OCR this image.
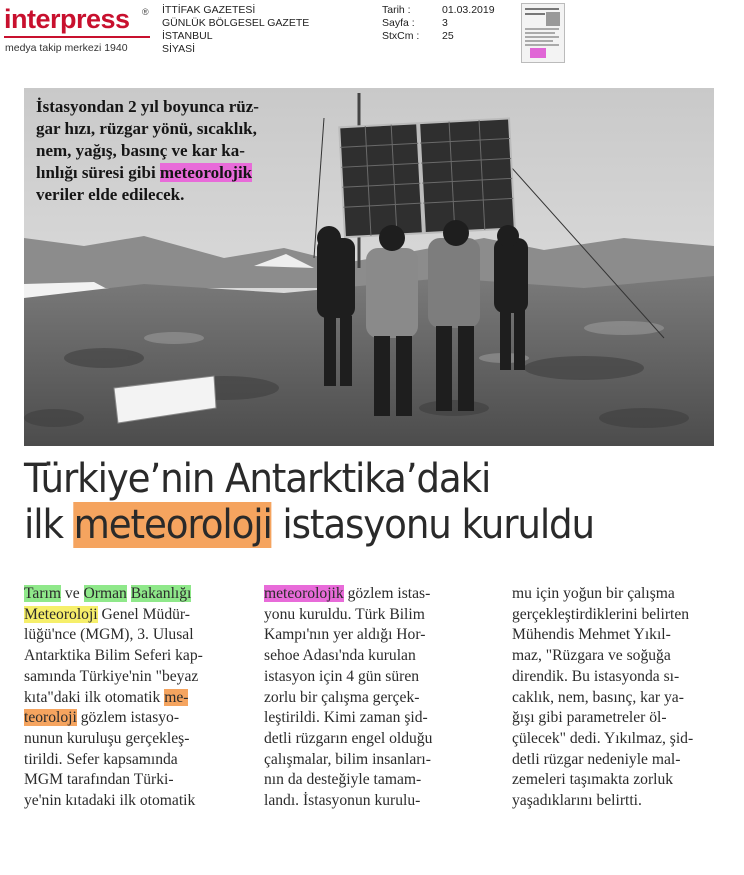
interpress ®
medya takip merkezi 1940
İTTİFAK GAZETESİ
GÜNLÜK BÖLGESEL GAZETE
İSTANBUL
SİYASİ
Tarih :	01.03.2019
Sayfa :	3
StxCm :	25
İstasyondan 2 yıl boyunca rüz-
gar hızı, rüzgar yönü, sıcaklık,
nem, yağış, basınç ve kar ka-
lınlığı süresi gibi meteorolojik
veriler elde edilecek.
Türkiye’nin Antarktika’daki
ilk meteoroloji istasyonu kuruldu
Tarım ve Orman Bakanlığı
Meteoroloji Genel Müdür-
lüğü'nce (MGM), 3. Ulusal
Antarktika Bilim Seferi kap-
samında Türkiye'nin "beyaz
kıta"daki ilk otomatik me-
teoroloji gözlem istasyo-
nunun kuruluşu gerçekleş-
tirildi. Sefer kapsamında
MGM tarafından Türki-
ye'nin kıtadaki ilk otomatik
meteorolojik gözlem istas-
yonu kuruldu. Türk Bilim
Kampı'nın yer aldığı Hor-
sehoe Adası'nda kurulan
istasyon için 4 gün süren
zorlu bir çalışma gerçek-
leştirildi. Kimi zaman şid-
detli rüzgarın engel olduğu
çalışmalar, bilim insanları-
nın da desteğiyle tamam-
landı. İstasyonun kurulu-
mu için yoğun bir çalışma
gerçekleştirdiklerini belirten
Mühendis Mehmet Yıkıl-
maz, "Rüzgara ve soğuğa
direndik. Bu istasyonda sı-
caklık, nem, basınç, kar ya-
ğışı gibi parametreler öl-
çülecek" dedi. Yıkılmaz, şid-
detli rüzgar nedeniyle mal-
zemeleri taşımakta zorluk
yaşadıklarını belirtti.
